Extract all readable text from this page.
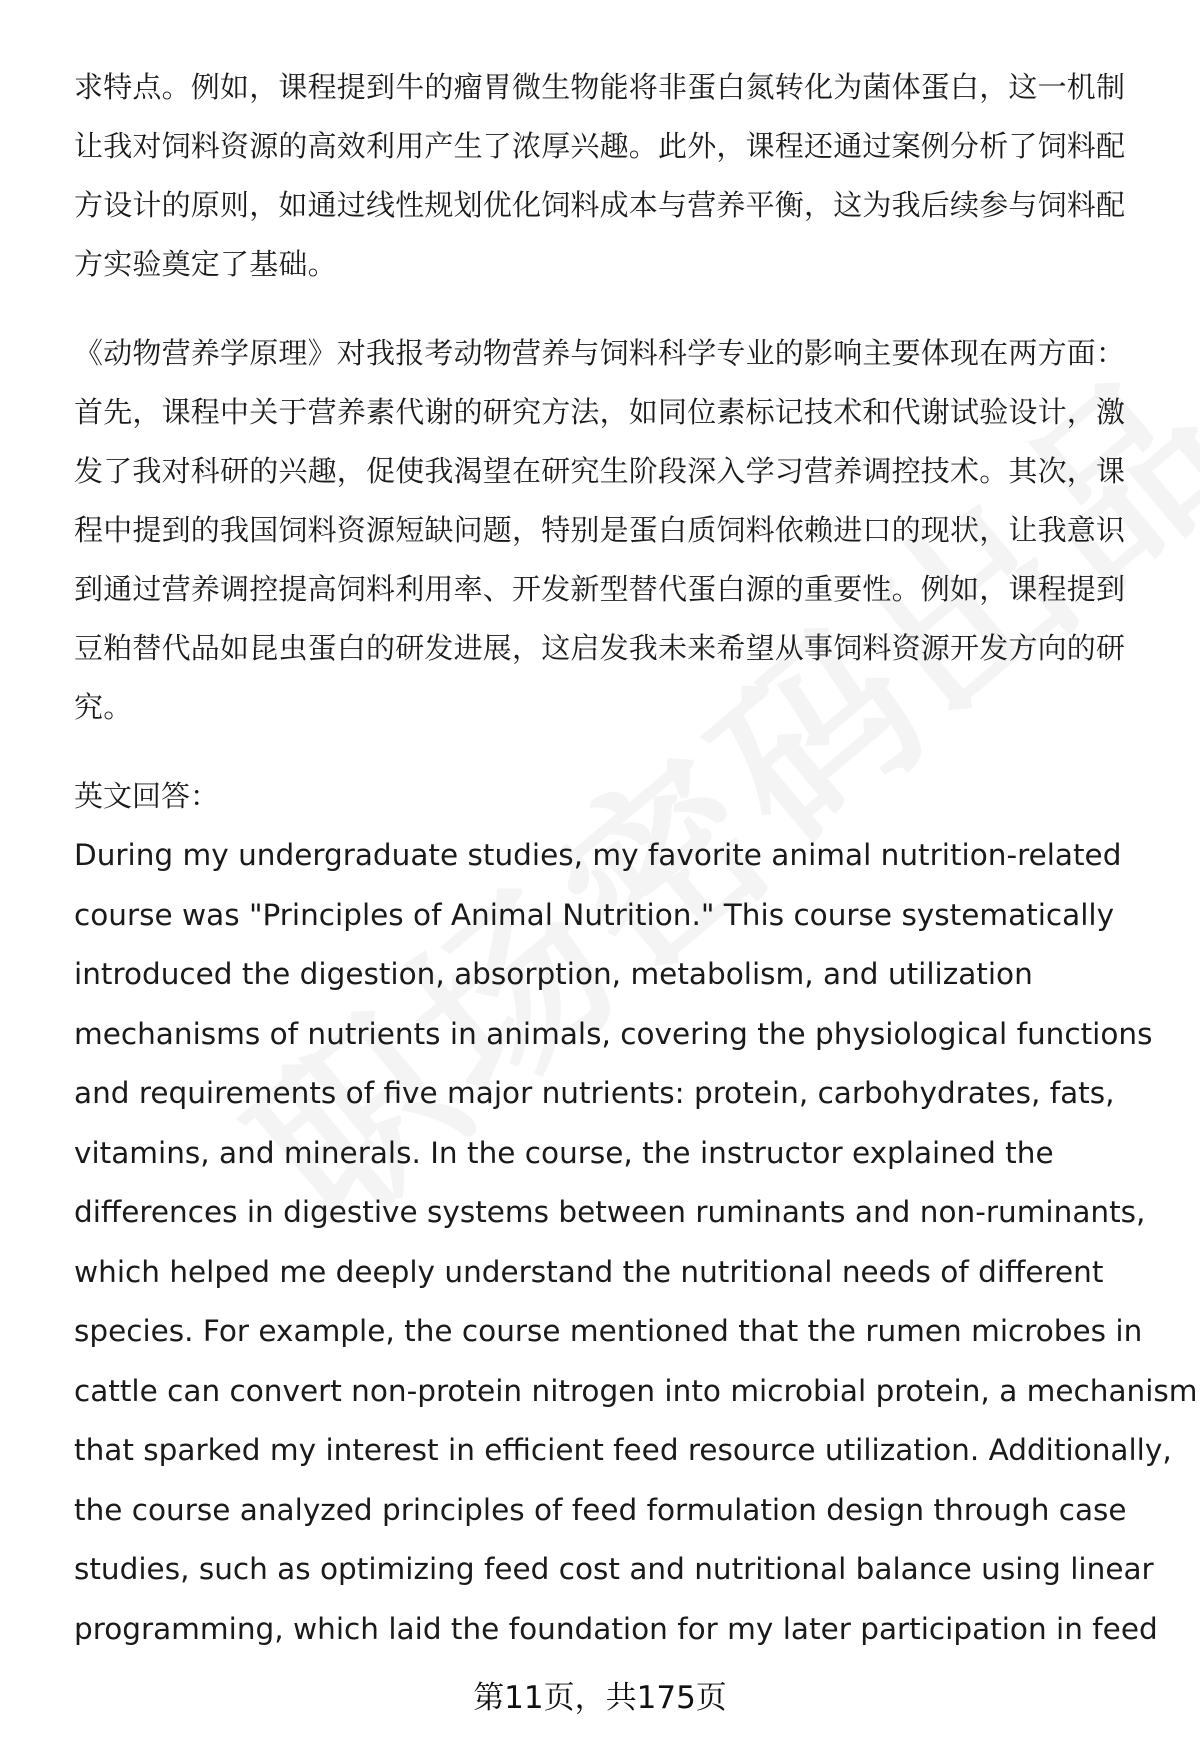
求特点。例如，课程提到牛的瘤胃微生物能将非蛋白氮转化为菌体蛋白，这一机制
让我对饲料资源的高效利用产生了浓厚兴趣。此外，课程还通过案例分析了饲料配
方设计的原则，如通过线性规划优化饲料成本与营养平衡，这为我后续参与饲料配
方实验奠定了基础。

《动物营养学原理》对我报考动物营养与饲料科学专业的影响主要体现在两方面：
首先，课程中关于营养素代谢的研究方法，如同位素标记技术和代谢试验设计，激
发了我对科研的兴趣，促使我渴望在研究生阶段深入学习营养调控技术。其次，课
程中提到的我国饲料资源短缺问题，特别是蛋白质饲料依赖进口的现状，让我意识
到通过营养调控提高饲料利用率、开发新型替代蛋白源的重要性。例如，课程提到
豆粕替代品如昆虫蛋白的研发进展，这启发我未来希望从事饲料资源开发方向的研
究。

英文回答：

During my undergraduate studies, my favorite animal nutrition-related
course was "Principles of Animal Nutrition." This course systematically
introduced the digestion, absorption, metabolism, and utilization
mechanisms of nutrients in animals, covering the physiological functions
and requirements of five major nutrients: protein, carbohydrates, fats,
vitamins, and minerals. In the course, the instructor explained the
differences in digestive systems between ruminants and non-ruminants,
which helped me deeply understand the nutritional needs of different
species. For example, the course mentioned that the rumen microbes in
cattle can convert non-protein nitrogen into microbial protein, a mechanism
that sparked my interest in efficient feed resource utilization. Additionally,
the course analyzed principles of feed formulation design through case
studies, such as optimizing feed cost and nutritional balance using linear
programming, which laid the foundation for my later participation in feed

第11页，共175页
